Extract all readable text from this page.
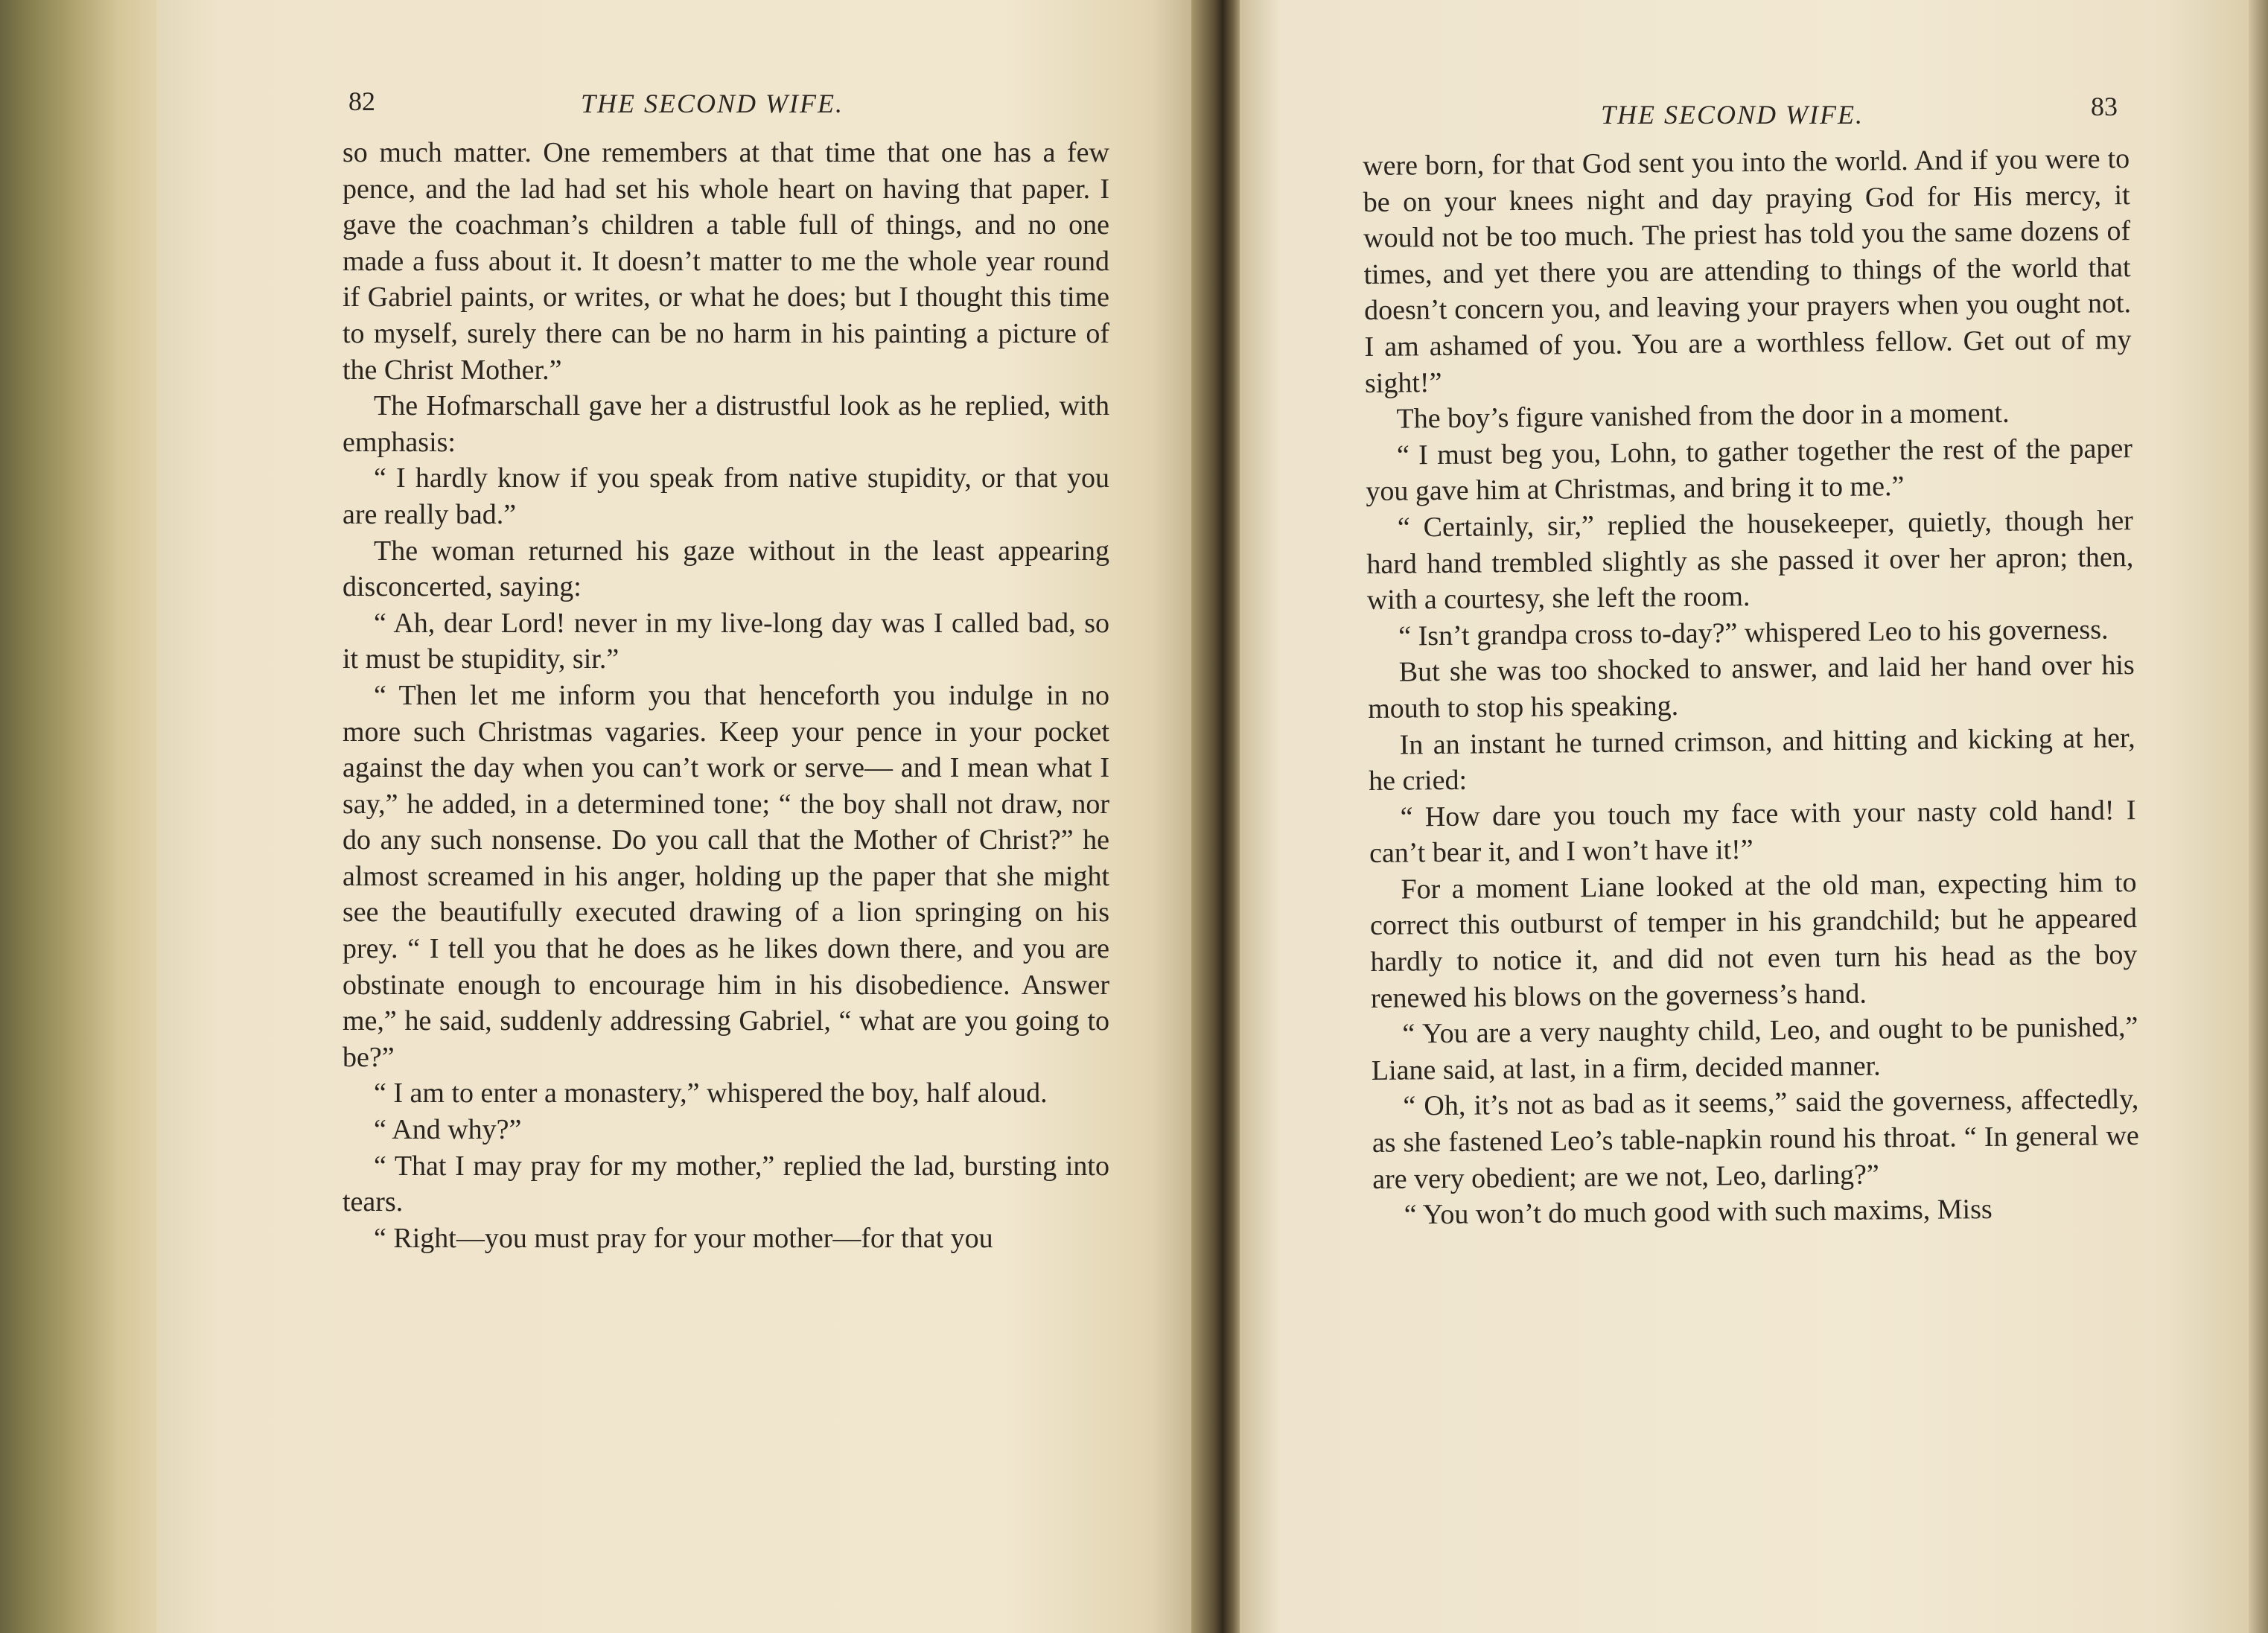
82	THE SECOND WIFE.

so much matter. One remembers at that time that one has a few pence, and the lad had set his whole heart on having that paper. I gave the coachman’s children a table full of things, and no one made a fuss about it. It doesn’t matter to me the whole year round if Gabriel paints, or writes, or what he does; but I thought this time to myself, surely there can be no harm in his painting a picture of the Christ Mother.”

The Hofmarschall gave her a distrustful look as he replied, with emphasis:

“ I hardly know if you speak from native stupidity, or that you are really bad.”

The woman returned his gaze without in the least appearing disconcerted, saying:

“ Ah, dear Lord! never in my live-long day was I called bad, so it must be stupidity, sir.”

“ Then let me inform you that henceforth you indulge in no more such Christmas vagaries. Keep your pence in your pocket against the day when you can’t work or serve— and I mean what I say,” he added, in a determined tone; “ the boy shall not draw, nor do any such nonsense. Do you call that the Mother of Christ?” he almost screamed in his anger, holding up the paper that she might see the beautifully executed drawing of a lion springing on his prey. “ I tell you that he does as he likes down there, and you are obstinate enough to encourage him in his disobedience. Answer me,” he said, suddenly addressing Gabriel, “ what are you going to be?”

“ I am to enter a monastery,” whispered the boy, half aloud.

“ And why?”

“ That I may pray for my mother,” replied the lad, bursting into tears.

“ Right—you must pray for your mother—for that you

THE SECOND WIFE.	83

were born, for that God sent you into the world. And if you were to be on your knees night and day praying God for His mercy, it would not be too much. The priest has told you the same dozens of times, and yet there you are attending to things of the world that doesn’t concern you, and leaving your prayers when you ought not. I am ashamed of you. You are a worthless fellow. Get out of my sight!”

The boy’s figure vanished from the door in a moment.

“ I must beg you, Lohn, to gather together the rest of the paper you gave him at Christmas, and bring it to me.”

“ Certainly, sir,” replied the housekeeper, quietly, though her hard hand trembled slightly as she passed it over her apron; then, with a courtesy, she left the room.

“ Isn’t grandpa cross to-day?” whispered Leo to his governess.

But she was too shocked to answer, and laid her hand over his mouth to stop his speaking.

In an instant he turned crimson, and hitting and kicking at her, he cried:

“ How dare you touch my face with your nasty cold hand! I can’t bear it, and I won’t have it!”

For a moment Liane looked at the old man, expecting him to correct this outburst of temper in his grandchild; but he appeared hardly to notice it, and did not even turn his head as the boy renewed his blows on the governess’s hand.

“ You are a very naughty child, Leo, and ought to be punished,” Liane said, at last, in a firm, decided manner.

“ Oh, it’s not as bad as it seems,” said the governess, affectedly, as she fastened Leo’s table-napkin round his throat. “ In general we are very obedient; are we not, Leo, darling?”

“ You won’t do much good with such maxims, Miss
